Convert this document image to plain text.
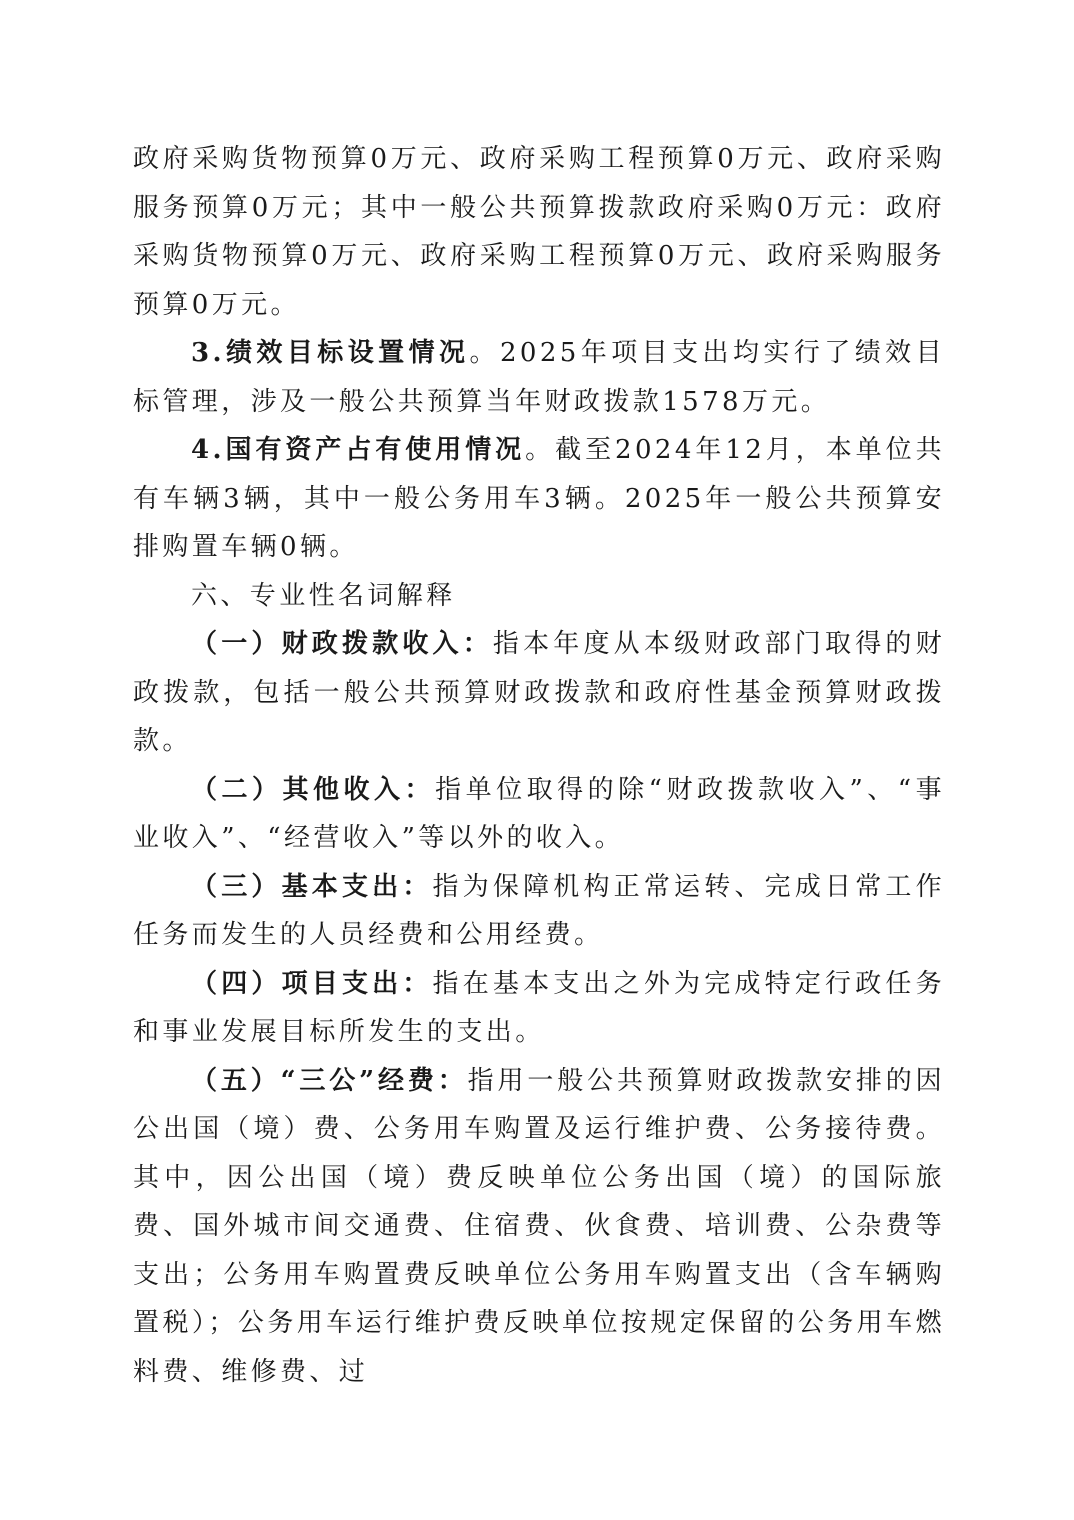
政府采购货物预算0万元、政府采购工程预算0万元、政府采购服务预算0万元；其中一般公共预算拨款政府采购0万元：政府采购货物预算0万元、政府采购工程预算0万元、政府采购服务预算0万元。

3.绩效目标设置情况。2025年项目支出均实行了绩效目标管理，涉及一般公共预算当年财政拨款1578万元。

4.国有资产占有使用情况。截至2024年12月，本单位共有车辆3辆，其中一般公务用车3辆。2025年一般公共预算安排购置车辆0辆。

六、专业性名词解释

（一）财政拨款收入：指本年度从本级财政部门取得的财政拨款，包括一般公共预算财政拨款和政府性基金预算财政拨款。

（二）其他收入：指单位取得的除“财政拨款收入”、“事业收入”、“经营收入”等以外的收入。

（三）基本支出：指为保障机构正常运转、完成日常工作任务而发生的人员经费和公用经费。

（四）项目支出：指在基本支出之外为完成特定行政任务和事业发展目标所发生的支出。

（五）“三公”经费：指用一般公共预算财政拨款安排的因公出国（境）费、公务用车购置及运行维护费、公务接待费。其中，因公出国（境）费反映单位公务出国（境）的国际旅费、国外城市间交通费、住宿费、伙食费、培训费、公杂费等支出；公务用车购置费反映单位公务用车购置支出（含车辆购置税）；公务用车运行维护费反映单位按规定保留的公务用车燃料费、维修费、过
